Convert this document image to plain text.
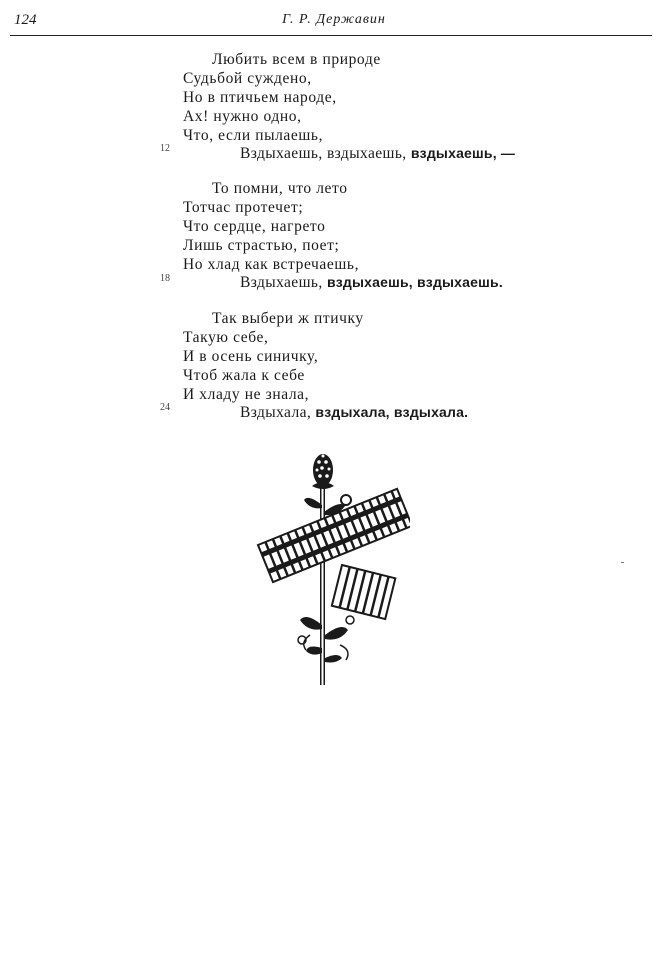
124	Г. Р. Державин
Любить всем в природе
Судьбой суждено,
Но в птичьем народе,
Ах! нужно одно,
Что, если пылаешь,
12	Вздыхаешь, вздыхаешь, вздыхаешь, —
То помни, что лето
Тотчас протечет;
Что сердце, нагрето
Лишь страстью, поет;
Но хлад как встречаешь,
18	Вздыхаешь, вздыхаешь, вздыхаешь.
Так выбери ж птичку
Такую себе,
И в осень синичку,
Чтоб жала к себе
И хладу не знала,
24	Вздыхала, вздыхала, вздыхала.
